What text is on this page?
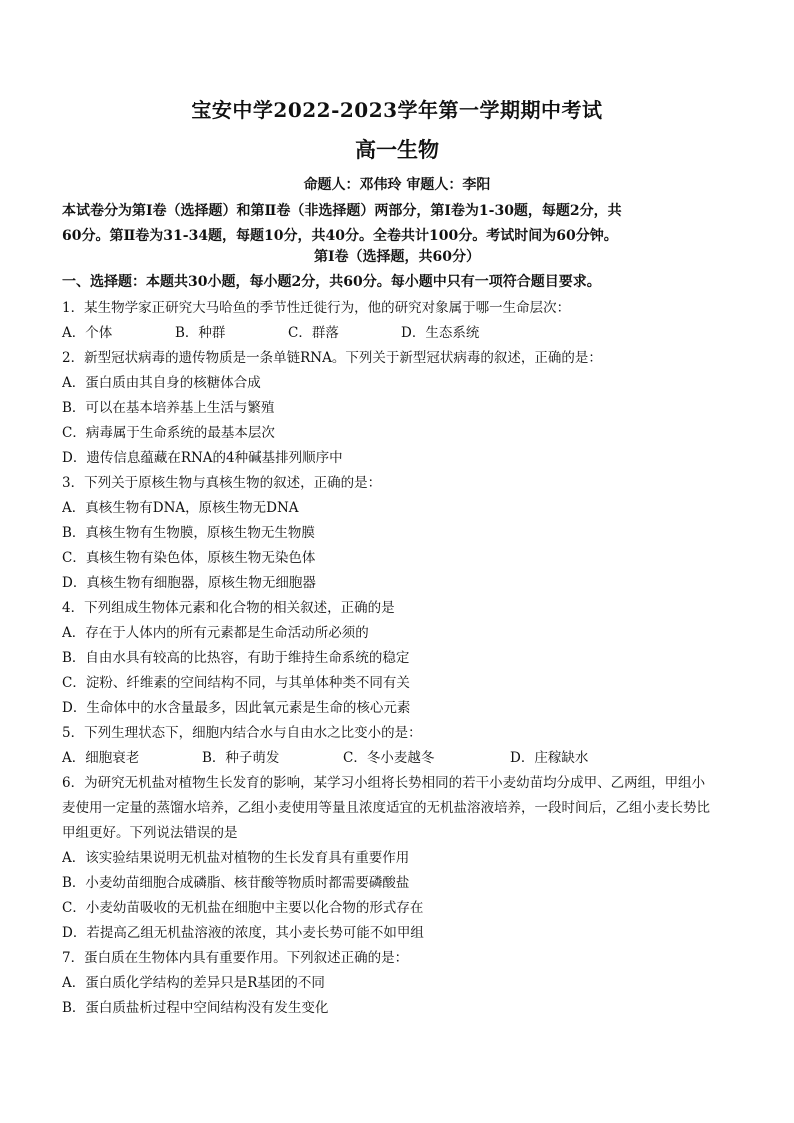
宝安中学2022-2023学年第一学期期中考试
高一生物
命题人：邓伟玲 审题人：李阳
本试卷分为第Ⅰ卷（选择题）和第Ⅱ卷（非选择题）两部分，第Ⅰ卷为1-30题，每题2分，共
60分。第Ⅱ卷为31-34题，每题10分，共40分。全卷共计100分。考试时间为60分钟。
第Ⅰ卷（选择题，共60分）
一、选择题：本题共30小题，每小题2分，共60分。每小题中只有一项符合题目要求。
1．某生物学家正研究大马哈鱼的季节性迁徙行为，他的研究对象属于哪一生命层次：
A．个体	B．种群	C．群落	D．生态系统
2．新型冠状病毒的遗传物质是一条单链RNA。下列关于新型冠状病毒的叙述，正确的是：
A．蛋白质由其自身的核糖体合成
B．可以在基本培养基上生活与繁殖
C．病毒属于生命系统的最基本层次
D．遗传信息蕴藏在RNA的4种碱基排列顺序中
3．下列关于原核生物与真核生物的叙述，正确的是：
A．真核生物有DNA，原核生物无DNA
B．真核生物有生物膜，原核生物无生物膜
C．真核生物有染色体，原核生物无染色体
D．真核生物有细胞器，原核生物无细胞器
4．下列组成生物体元素和化合物的相关叙述，正确的是
A．存在于人体内的所有元素都是生命活动所必须的
B．自由水具有较高的比热容，有助于维持生命系统的稳定
C．淀粉、纤维素的空间结构不同，与其单体种类不同有关
D．生命体中的水含量最多，因此氧元素是生命的核心元素
5．下列生理状态下，细胞内结合水与自由水之比变小的是：
A．细胞衰老	B．种子萌发	C．冬小麦越冬	D．庄稼缺水
6．为研究无机盐对植物生长发育的影响，某学习小组将长势相同的若干小麦幼苗均分成甲、乙两组，甲组小
麦使用一定量的蒸馏水培养，乙组小麦使用等量且浓度适宜的无机盐溶液培养，一段时间后，乙组小麦长势比
甲组更好。下列说法错误的是
A．该实验结果说明无机盐对植物的生长发育具有重要作用
B．小麦幼苗细胞合成磷脂、核苷酸等物质时都需要磷酸盐
C．小麦幼苗吸收的无机盐在细胞中主要以化合物的形式存在
D．若提高乙组无机盐溶液的浓度，其小麦长势可能不如甲组
7．蛋白质在生物体内具有重要作用。下列叙述正确的是：
A．蛋白质化学结构的差异只是R基团的不同
B．蛋白质盐析过程中空间结构没有发生变化
